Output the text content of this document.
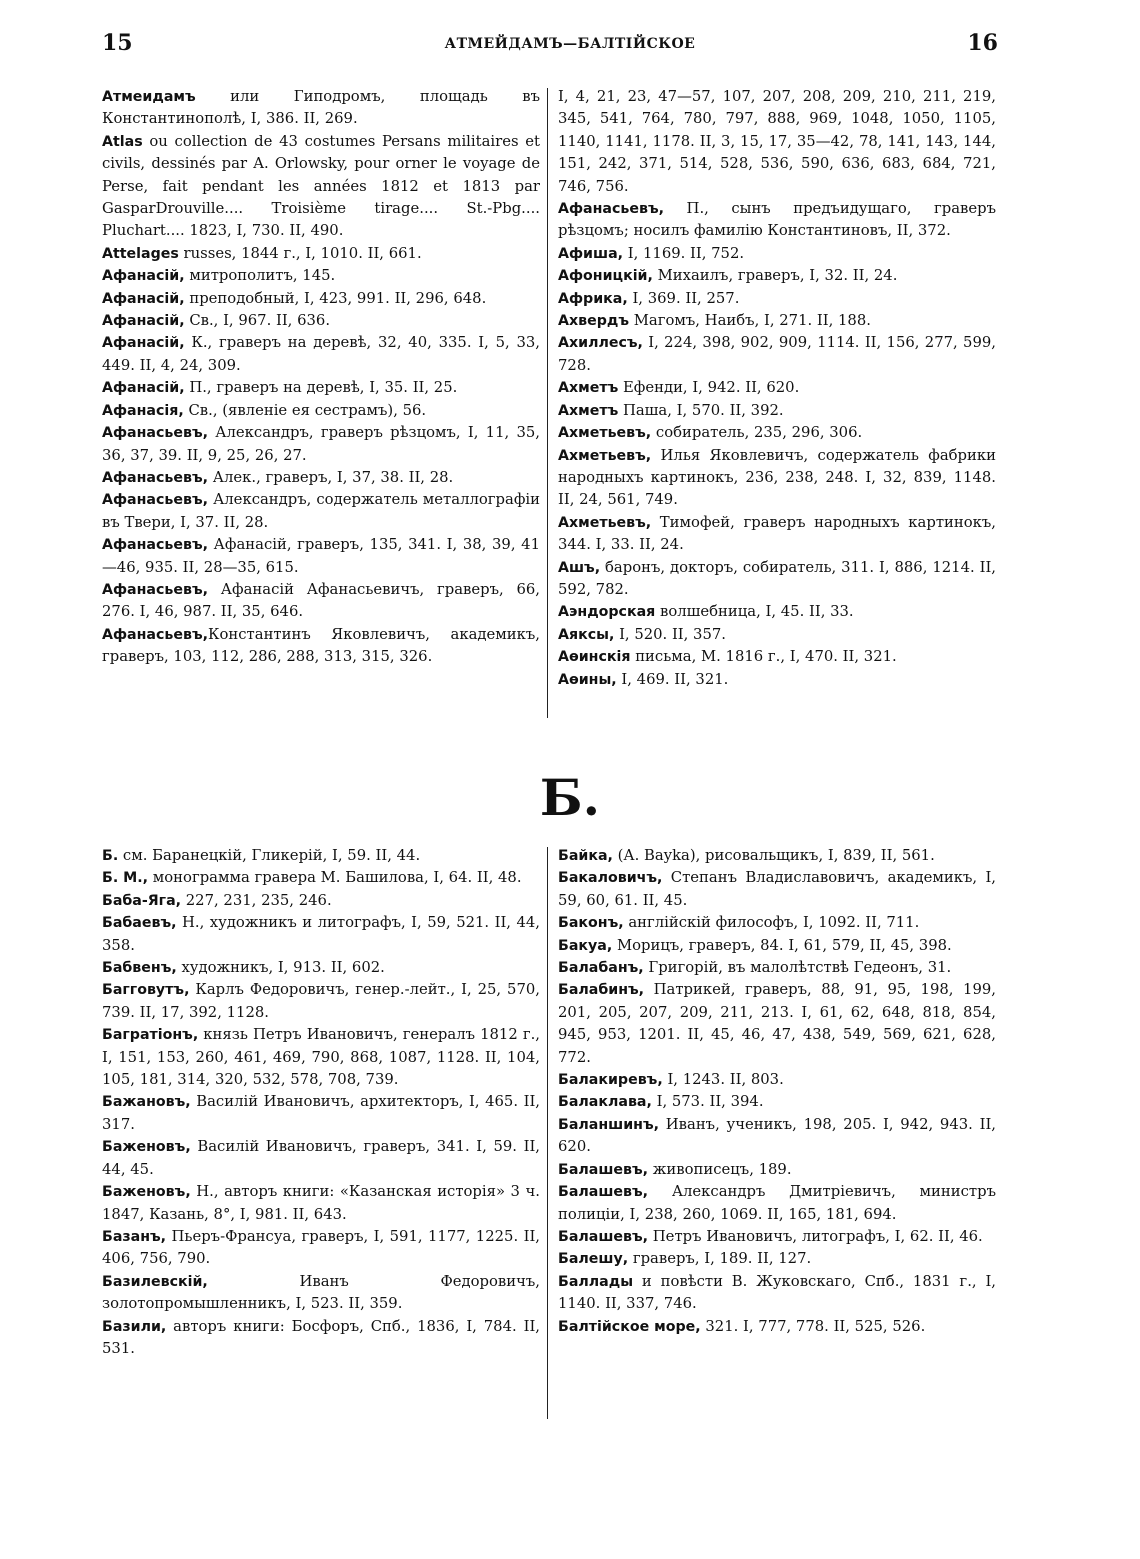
15	АТМЕЙДАМЪ—БАЛТІЙСКОЕ	16
Атмеидамъ или Гиподромъ, площадь въ Константинополѣ, I, 386. II, 269.
Atlas ou collection de 43 costumes Persans militaires et civils, dessinés par A. Orlowsky, pour orner le voyage de Perse, fait pendant les années 1812 et 1813 par GasparDrouville.... Troisième tirage.... St.-Pbg.... Pluchart.... 1823, I, 730. II, 490.
Attelages russes, 1844 г., I, 1010. II, 661.
Афанасій, митрополитъ, 145.
Афанасій, преподобный, I, 423, 991. II, 296, 648.
Афанасій, Св., I, 967. II, 636.
Афанасій, К., граверъ на деревѣ, 32, 40, 335. I, 5, 33, 449. II, 4, 24, 309.
Афанасій, П., граверъ на деревѣ, I, 35. II, 25.
Афанасія, Св., (явленіе ея сестрамъ), 56.
Афанасьевъ, Александръ, граверъ рѣзцомъ, I, 11, 35, 36, 37, 39. II, 9, 25, 26, 27.
Афанасьевъ, Алек., граверъ, I, 37, 38. II, 28.
Афанасьевъ, Александръ, содержатель металлографіи въ Твери, I, 37. II, 28.
Афанасьевъ, Афанасій, граверъ, 135, 341. I, 38, 39, 41—46, 935. II, 28—35, 615.
Афанасьевъ, Афанасій Афанасьевичъ, граверъ, 66, 276. I, 46, 987. II, 35, 646.
Афанасьевъ,Константинъ Яковлевичъ, академикъ, граверъ, 103, 112, 286, 288, 313, 315, 326.
I, 4, 21, 23, 47—57, 107, 207, 208, 209, 210, 211, 219, 345, 541, 764, 780, 797, 888, 969, 1048, 1050, 1105, 1140, 1141, 1178. II, 3, 15, 17, 35—42, 78, 141, 143, 144, 151, 242, 371, 514, 528, 536, 590, 636, 683, 684, 721, 746, 756.
Афанасьевъ, П., сынъ предъидущаго, граверъ рѣзцомъ; носилъ фамилію Константиновъ, II, 372.
Афиша, I, 1169. II, 752.
Афоницкій, Михаилъ, граверъ, I, 32. II, 24.
Африка, I, 369. II, 257.
Ахвердъ Магомъ, Наибъ, I, 271. II, 188.
Ахиллесъ, I, 224, 398, 902, 909, 1114. II, 156, 277, 599, 728.
Ахметъ Ефенди, I, 942. II, 620.
Ахметъ Паша, I, 570. II, 392.
Ахметьевъ, собиратель, 235, 296, 306.
Ахметьевъ, Илья Яковлевичъ, содержатель фабрики народныхъ картинокъ, 236, 238, 248. I, 32, 839, 1148. II, 24, 561, 749.
Ахметьевъ, Тимофей, граверъ народныхъ картинокъ, 344. I, 33. II, 24.
Ашъ, баронъ, докторъ, собиратель, 311. I, 886, 1214. II, 592, 782.
Аэндорская волшебница, I, 45. II, 33.
Аяксы, I, 520. II, 357.
Аѳинскія письма, М. 1816 г., I, 470. II, 321.
Аѳины, I, 469. II, 321.
Б.
Б. см. Баранецкій, Гликерій, I, 59. II, 44.
Б. М., монограмма гравера М. Башилова, I, 64. II, 48.
Баба-Яга, 227, 231, 235, 246.
Бабаевъ, Н., художникъ и литографъ, I, 59, 521. II, 44, 358.
Бабвенъ, художникъ, I, 913. II, 602.
Багговутъ, Карлъ Федоровичъ, генер.-лейт., I, 25, 570, 739. II, 17, 392, 1128.
Багратіонъ, князь Петръ Ивановичъ, генералъ 1812 г., I, 151, 153, 260, 461, 469, 790, 868, 1087, 1128. II, 104, 105, 181, 314, 320, 532, 578, 708, 739.
Бажановъ, Василій Ивановичъ, архитекторъ, I, 465. II, 317.
Баженовъ, Василій Ивановичъ, граверъ, 341. I, 59. II, 44, 45.
Баженовъ, Н., авторъ книги: «Казанская исторія» 3 ч. 1847, Казань, 8°, I, 981. II, 643.
Базанъ, Пьеръ-Франсуа, граверъ, I, 591, 1177, 1225. II, 406, 756, 790.
Базилевскій, Иванъ Федоровичъ, золотопромышленникъ, I, 523. II, 359.
Базили, авторъ книги: Босфоръ, Спб., 1836, I, 784. II, 531.
Байка, (А. Bayka), рисовальщикъ, I, 839, II, 561.
Бакаловичъ, Степанъ Владиславовичъ, академикъ, I, 59, 60, 61. II, 45.
Баконъ, англійскій философъ, I, 1092. II, 711.
Бакуа, Морицъ, граверъ, 84. I, 61, 579, II, 45, 398.
Балабанъ, Григорій, въ малолѣтствѣ Гедеонъ, 31.
Балабинъ, Патрикей, граверъ, 88, 91, 95, 198, 199, 201, 205, 207, 209, 211, 213. I, 61, 62, 648, 818, 854, 945, 953, 1201. II, 45, 46, 47, 438, 549, 569, 621, 628, 772.
Балакиревъ, I, 1243. II, 803.
Балаклава, I, 573. II, 394.
Баланшинъ, Иванъ, ученикъ, 198, 205. I, 942, 943. II, 620.
Балашевъ, живописецъ, 189.
Балашевъ, Александръ Дмитріевичъ, министръ полиціи, I, 238, 260, 1069. II, 165, 181, 694.
Балашевъ, Петръ Ивановичъ, литографъ, I, 62. II, 46.
Балешу, граверъ, I, 189. II, 127.
Баллады и повѣсти В. Жуковскаго, Спб., 1831 г., I, 1140. II, 337, 746.
Балтійское море, 321. I, 777, 778. II, 525, 526.
